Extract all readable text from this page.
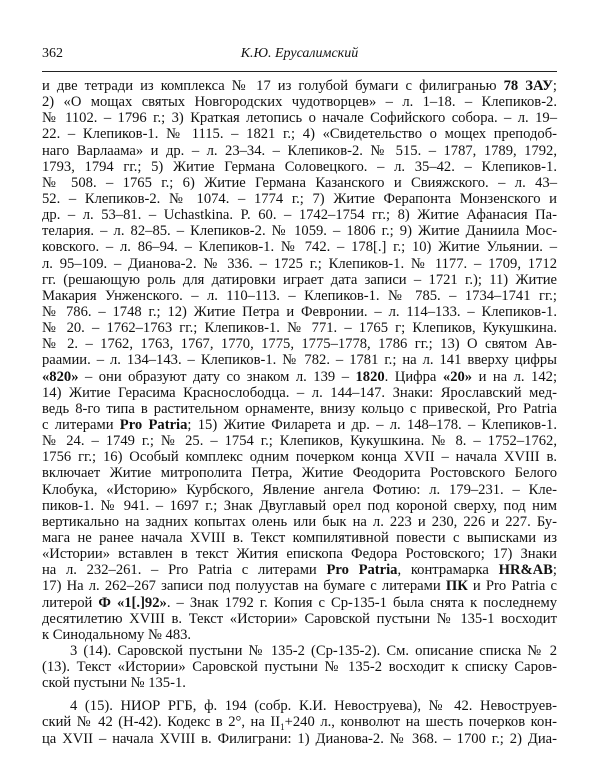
362	К.Ю. Ерусалимский
и две тетради из комплекса № 17 из голубой бумаги с филигранью 78 ЗАУ;
2) «О мощах святых Новгородских чудотворцев» – л. 1–18. – Клепиков-2.
№ 1102. – 1796 г.; 3) Краткая летопись о начале Софийского собора. – л. 19–
22. – Клепиков-1. № 1115. – 1821 г.; 4) «Свидетельство о мощех преподоб-
наго Варлаама» и др. – л. 23–34. – Клепиков-2. № 515. – 1787, 1789, 1792,
1793, 1794 гг.; 5) Житие Германа Соловецкого. – л. 35–42. – Клепиков-1.
№ 508. – 1765 г.; 6) Житие Германа Казанского и Свияжского. – л. 43–
52. – Клепиков-2. № 1074. – 1774 г.; 7) Житие Ферапонта Монзенского и
др. – л. 53–81. – Uchastkina. P. 60. – 1742–1754 гг.; 8) Житие Афанасия Па-
телария. – л. 82–85. – Клепиков-2. № 1059. – 1806 г.; 9) Житие Даниила Мос-
ковского. – л. 86–94. – Клепиков-1. № 742. – 178[.] г.; 10) Житие Ульянии. –
л. 95–109. – Дианова-2. № 336. – 1725 г.; Клепиков-1. № 1177. – 1709, 1712
гг. (решающую роль для датировки играет дата записи – 1721 г.); 11) Житие
Макария Унженского. – л. 110–113. – Клепиков-1. № 785. – 1734–1741 гг.;
№ 786. – 1748 г.; 12) Житие Петра и Февронии. – л. 114–133. – Клепиков-1.
№ 20. – 1762–1763 гг.; Клепиков-1. № 771. – 1765 г; Клепиков, Кукушкина.
№ 2. – 1762, 1763, 1767, 1770, 1775, 1775–1778, 1786 гг.; 13) О святом Ав-
раамии. – л. 134–143. – Клепиков-1. № 782. – 1781 г.; на л. 141 вверху цифры
«820» – они образуют дату со знаком л. 139 – 1820. Цифра «20» и на л. 142;
14) Житие Герасима Краснослободца. – л. 144–147. Знаки: Ярославский мед-
ведь 8-го типа в растительном орнаменте, внизу кольцо с привеской, Pro Patria
с литерами Pro Patria; 15) Житие Филарета и др. – л. 148–178. – Клепиков-1.
№ 24. – 1749 г.; № 25. – 1754 г.; Клепиков, Кукушкина. № 8. – 1752–1762,
1756 гг.; 16) Особый комплекс одним почерком конца XVII – начала XVIII в.
включает Житие митрополита Петра, Житие Феодорита Ростовского Белого
Клобука, «Историю» Курбского, Явление ангела Фотию: л. 179–231. – Кле-
пиков-1. № 941. – 1697 г.; Знак Двуглавый орел под короной сверху, под ним
вертикально на задних копытах олень или бык на л. 223 и 230, 226 и 227. Бу-
мага не ранее начала XVIII в. Текст компилятивной повести с выписками из
«Истории» вставлен в текст Жития епископа Федора Ростовского; 17) Знаки
на л. 232–261. – Pro Patria с литерами Pro Patria, контрамарка HR&AB;
17) На л. 262–267 записи под полуустав на бумаге с литерами ПК и Pro Patria с
литерой Ф «1[.]92». – Знак 1792 г. Копия с Ср-135-1 была снята к последнему
десятилетию XVIII в. Текст «Истории» Саровской пустыни № 135-1 восходит
к Синодальному № 483.
3 (14). Саровской пустыни № 135-2 (Ср-135-2). См. описание списка № 2
(13). Текст «Истории» Саровской пустыни № 135-2 восходит к списку Саров-
ской пустыни № 135-1.
4 (15). НИОР РГБ, ф. 194 (собр. К.И. Невоструева), № 42. Невоструев-
ский № 42 (Н-42). Кодекс в 2°, на $II_1+240$ л., конволют на шесть почерков кон-
ца XVII – начала XVIII в. Филиграни: 1) Дианова-2. № 368. – 1700 г.; 2) Диа-
